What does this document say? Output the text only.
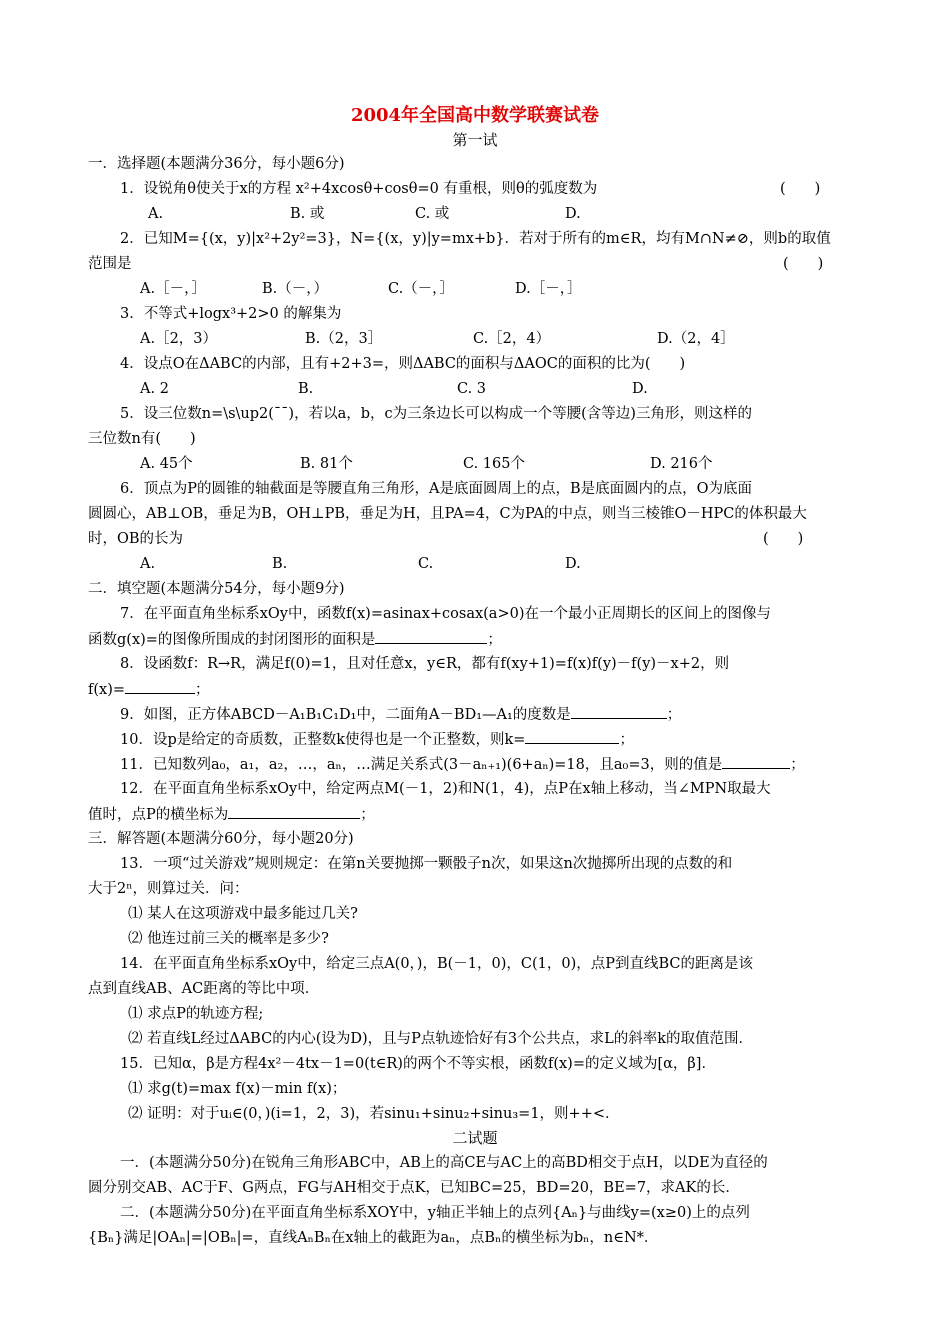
2004年全国高中数学联赛试卷
第一试
一．选择题(本题满分36分，每小题6分)
1．设锐角θ使关于x的方程 x²+4xcosθ+cosθ=0 有重根，则θ的弧度数为	(　　)
A.	B. 或	C. 或	D.
2．已知M={(x，y)|x²+2y²=3}，N={(x，y)|y=mx+b}．若对于所有的m∈R，均有M∩N≠⊘，则b的取值
范围是	(　　)
A.［－，］	B.（－，）	C.（－，］	D.［－，］
3．不等式+logx³+2>0 的解集为
A.［2，3）	B.（2，3］	C.［2，4）	D.（2，4］
4．设点O在ΔABC的内部，且有+2+3=，则ΔABC的面积与ΔAOC的面积的比为(　　)
A. 2	B.	C. 3	D.
5．设三位数n=\s\up2(ˉˉ)，若以a，b，c为三条边长可以构成一个等腰(含等边)三角形，则这样的
三位数n有(　　)
A. 45个	B. 81个	C. 165个	D. 216个
6．顶点为P的圆锥的轴截面是等腰直角三角形，A是底面圆周上的点，B是底面圆内的点，O为底面
圆圆心，AB⊥OB，垂足为B，OH⊥PB，垂足为H，且PA=4，C为PA的中点，则当三棱锥O－HPC的体积最大
时，OB的长为	(　　)
A.	B.	C.	D.
二．填空题(本题满分54分，每小题9分)
7．在平面直角坐标系xOy中，函数f(x)=asinax+cosax(a>0)在一个最小正周期长的区间上的图像与
函数g(x)=的图像所围成的封闭图形的面积是	；
8．设函数f：R→R，满足f(0)=1，且对任意x，y∈R，都有f(xy+1)=f(x)f(y)－f(y)－x+2，则
f(x)=	；
9．如图，正方体ABCD－A₁B₁C₁D₁中，二面角A－BD₁—A₁的度数是	；
10．设p是给定的奇质数，正整数k使得也是一个正整数，则k=	；
11．已知数列a₀，a₁，a₂，…，aₙ，…满足关系式(3－aₙ₊₁)(6+aₙ)=18，且a₀=3，则的值是	；
12．在平面直角坐标系xOy中，给定两点M(－1，2)和N(1，4)，点P在x轴上移动，当∠MPN取最大
值时，点P的横坐标为	；
三．解答题(本题满分60分，每小题20分)
13．一项“过关游戏”规则规定：在第n关要抛掷一颗骰子n次，如果这n次抛掷所出现的点数的和
大于2ⁿ，则算过关．问：
⑴ 某人在这项游戏中最多能过几关?
⑵ 他连过前三关的概率是多少?
14．在平面直角坐标系xOy中，给定三点A(0，)，B(－1，0)，C(1，0)，点P到直线BC的距离是该
点到直线AB、AC距离的等比中项．
⑴ 求点P的轨迹方程;
⑵ 若直线L经过ΔABC的内心(设为D)，且与P点轨迹恰好有3个公共点，求L的斜率k的取值范围．
15．已知α，β是方程4x²－4tx－1=0(t∈R)的两个不等实根，函数f(x)=的定义域为[α，β]．
⑴ 求g(t)=max f(x)－min f(x)；
⑵ 证明：对于uᵢ∈(0，)(i=1，2，3)，若sinu₁+sinu₂+sinu₃=1，则++<．
二试题
一．(本题满分50分)在锐角三角形ABC中，AB上的高CE与AC上的高BD相交于点H，以DE为直径的
圆分别交AB、AC于F、G两点，FG与AH相交于点K，已知BC=25，BD=20，BE=7，求AK的长．
二．(本题满分50分)在平面直角坐标系XOY中，y轴正半轴上的点列{Aₙ}与曲线y=(x≥0)上的点列
{Bₙ}满足|OAₙ|=|OBₙ|=，直线AₙBₙ在x轴上的截距为aₙ，点Bₙ的横坐标为bₙ，n∈N*．
